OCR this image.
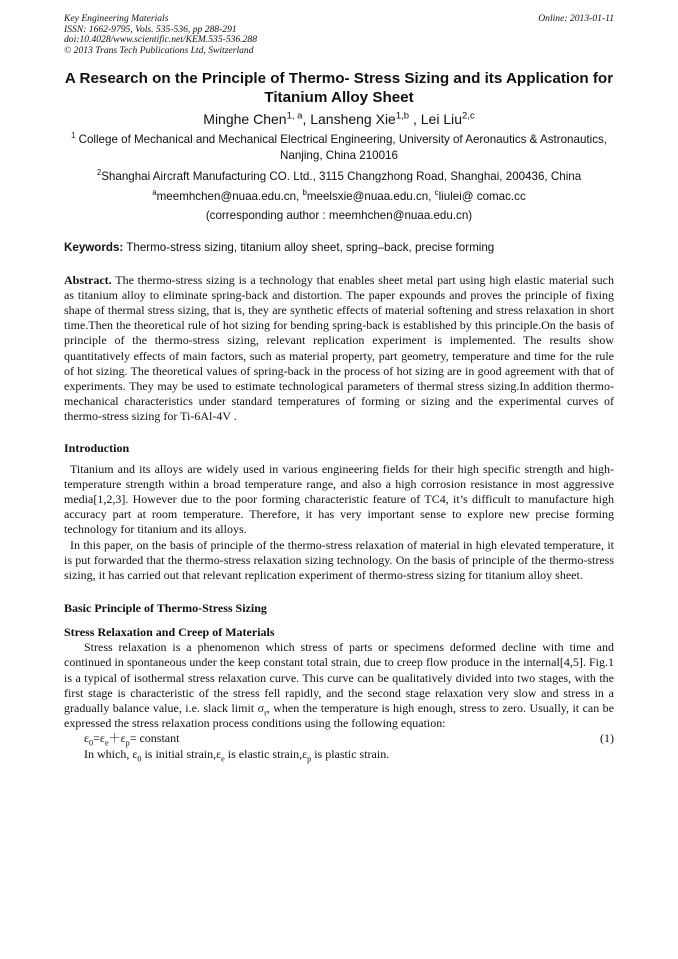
Online: 2013-01-11
Key Engineering Materials
ISSN: 1662-9795, Vols. 535-536, pp 288-291
doi:10.4028/www.scientific.net/KEM.535-536.288
© 2013 Trans Tech Publications Ltd, Switzerland
A Research on the Principle of Thermo- Stress Sizing and its Application for Titanium Alloy Sheet
Minghe Chen$^{1, a}$, Lansheng Xie$^{1,b}$ , Lei Liu$^{2,c}$
$^1$ College of Mechanical and Mechanical Electrical Engineering, University of Aeronautics & Astronautics, Nanjing, China 210016
$^2$Shanghai Aircraft Manufacturing CO. Ltd., 3115 Changzhong Road, Shanghai, 200436, China
$^a$meemhchen@nuaa.edu.cn, $^b$meelsxie@nuaa.edu.cn, $^c$liulei@ comac.cc
(corresponding author : meemhchen@nuaa.edu.cn)
Keywords: Thermo-stress sizing, titanium alloy sheet, spring–back, precise forming
Abstract. The thermo-stress sizing is a technology that enables sheet metal part using high elastic material such as titanium alloy to eliminate spring-back and distortion. The paper expounds and proves the principle of fixing shape of thermal stress sizing, that is, they are synthetic effects of material softening and stress relaxation in short time.Then the theoretical rule of hot sizing for bending spring-back is established by this principle.On the basis of principle of the thermo-stress sizing, relevant replication experiment is implemented. The results show quantitatively effects of main factors, such as material property, part geometry, temperature and time for the rule of hot sizing. The theoretical values of spring-back in the process of hot sizing are in good agreement with that of experiments. They may be used to estimate technological parameters of thermal stress sizing.In addition thermo-mechanical characteristics under standard temperatures of forming or sizing and the experimental curves of thermo-stress sizing for Ti-6Al-4V .
Introduction
Titanium and its alloys are widely used in various engineering fields for their high specific strength and high-temperature strength within a broad temperature range, and also a high corrosion resistance in most aggressive media[1,2,3]. However due to the poor forming characteristic feature of TC4, it’s difficult to manufacture high accuracy part at room temperature. Therefore, it has very important sense to explore new precise forming technology for titanium and its alloys.
In this paper, on the basis of principle of the thermo-stress relaxation of material in high elevated temperature, it is put forwarded that the thermo-stress relaxation sizing technology. On the basis of principle of the thermo-stress sizing, it has carried out that relevant replication experiment of thermo-stress sizing for titanium alloy sheet.
Basic Principle of Thermo-Stress Sizing
Stress Relaxation and Creep of Materials
Stress relaxation is a phenomenon which stress of parts or specimens deformed decline with time and continued in spontaneous under the keep constant total strain, due to creep flow produce in the internal[4,5]. Fig.1 is a typical of isothermal stress relaxation curve. This curve can be qualitatively divided into two stages, with the first stage is characteristic of the stress fell rapidly, and the second stage relaxation very slow and stress in a gradually balance value, i.e. slack limit $\sigma_r$, when the temperature is high enough, stress to zero. Usually, it can be expressed the stress relaxation process conditions using the following equation:
$\varepsilon_0=\varepsilon_e+\varepsilon_p=$ constant	(1)
In which, $\varepsilon_0$ is initial $strain,\varepsilon_e$ is elastic $strain,\varepsilon_p$ is plastic strain.
